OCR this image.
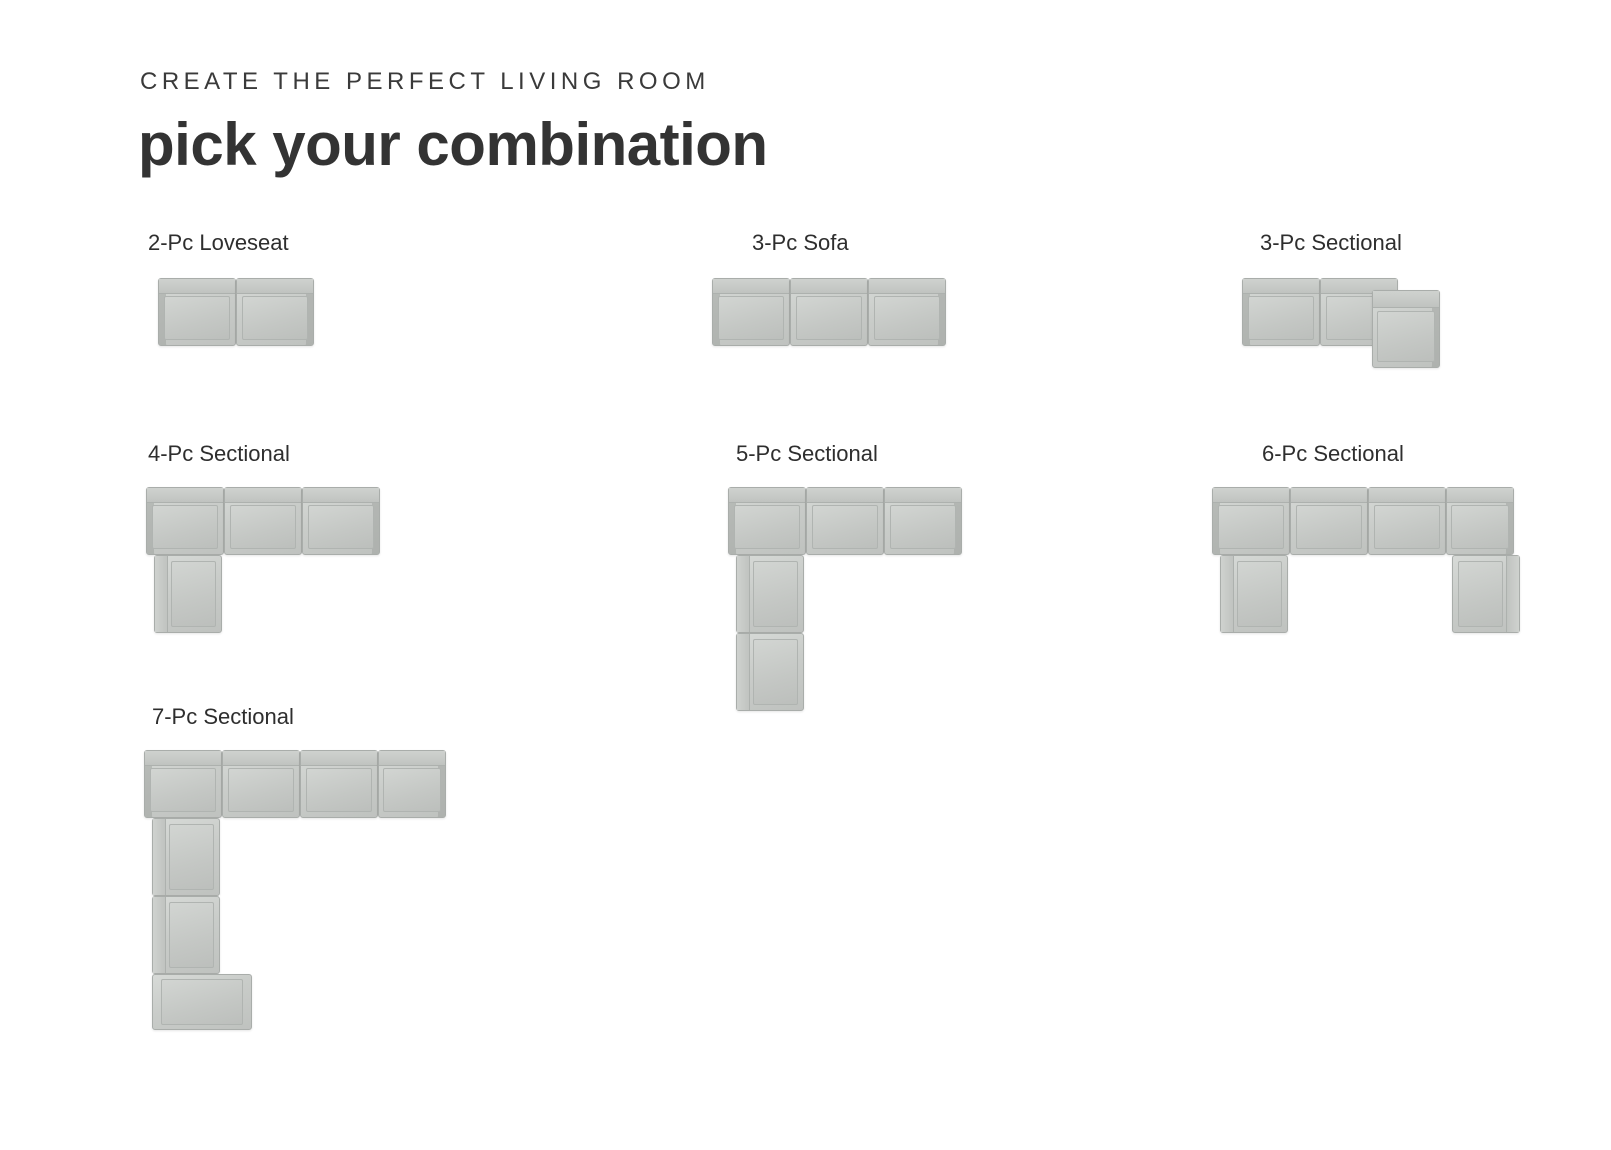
CREATE THE PERFECT LIVING ROOM
pick your combination
2-Pc Loveseat	3-Pc Sofa	3-Pc Sectional
4-Pc Sectional	5-Pc Sectional	6-Pc Sectional
7-Pc Sectional
